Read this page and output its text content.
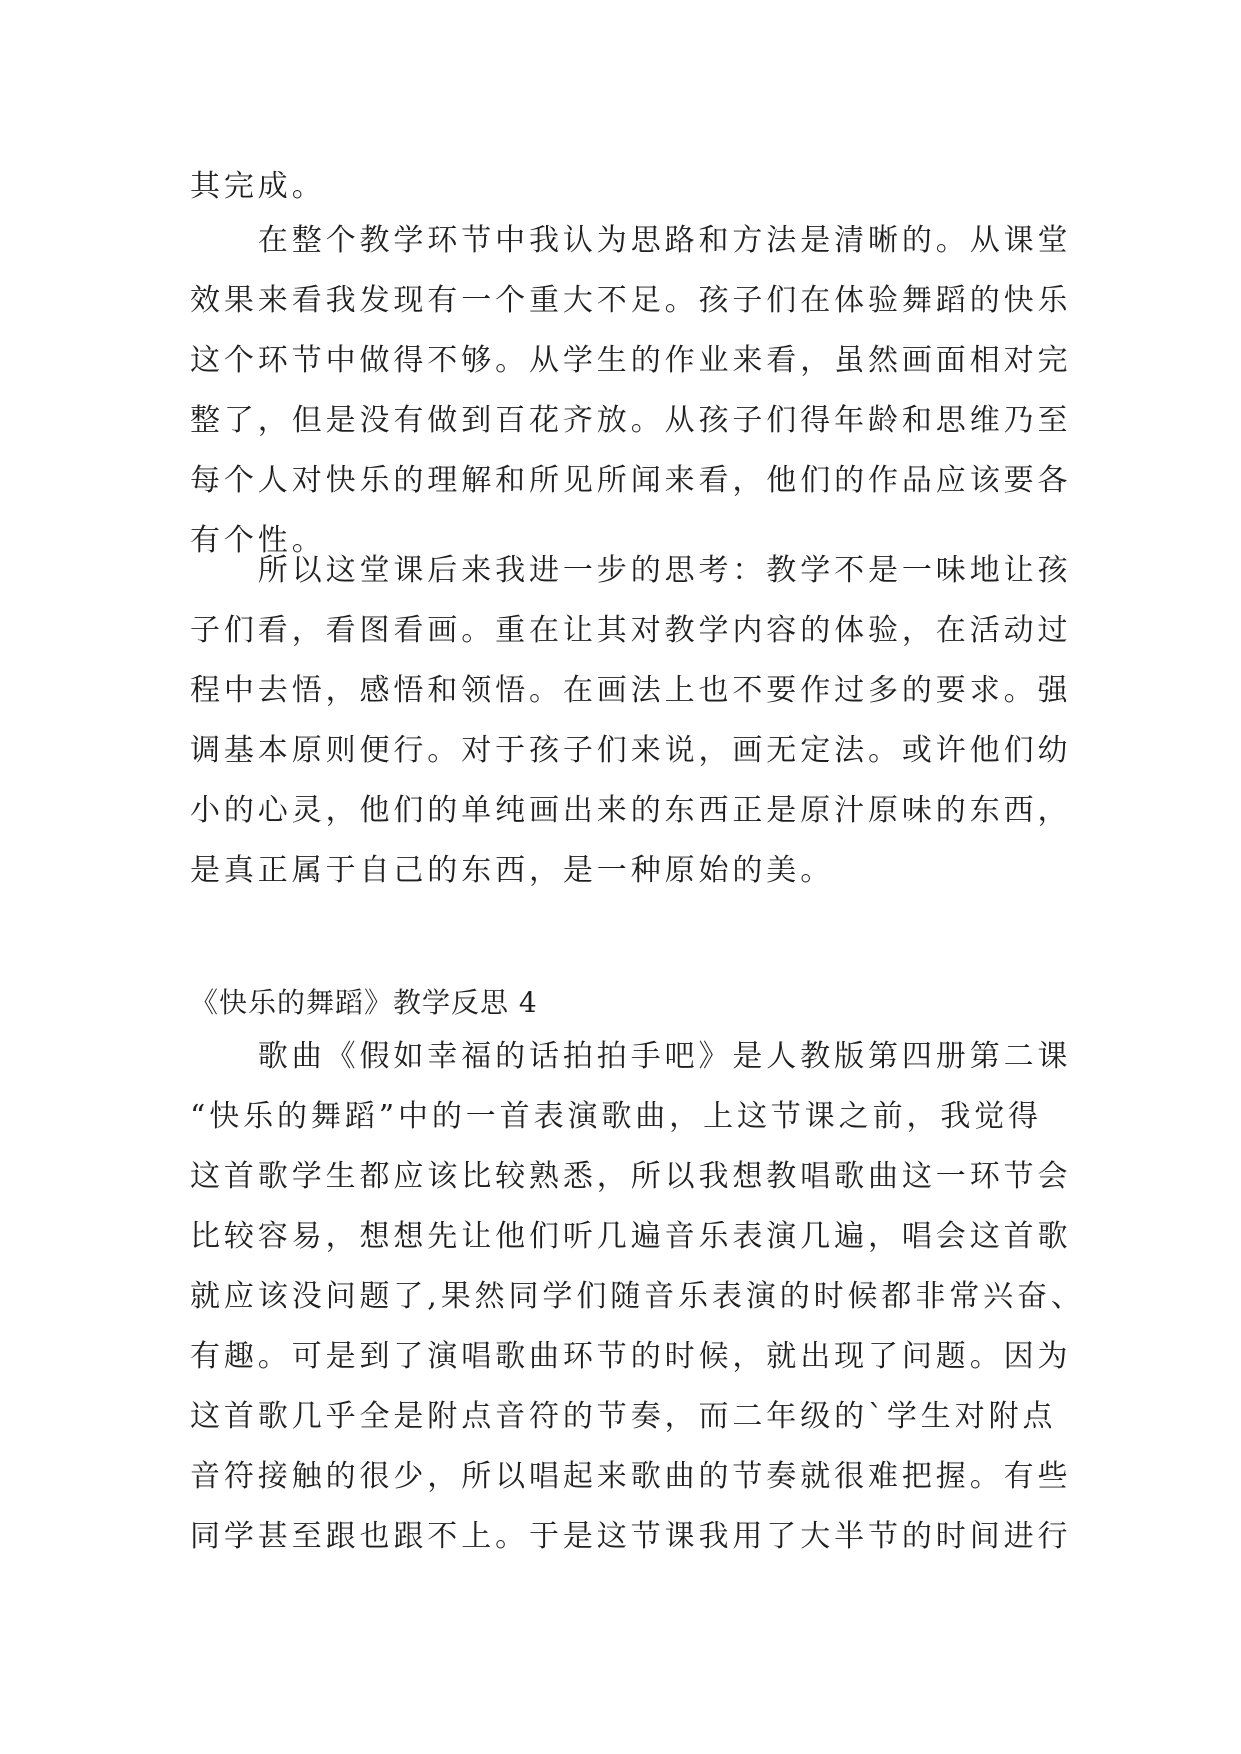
其完成。
　　在整个教学环节中我认为思路和方法是清晰的。从课堂
效果来看我发现有一个重大不足。孩子们在体验舞蹈的快乐
这个环节中做得不够。从学生的作业来看，虽然画面相对完
整了，但是没有做到百花齐放。从孩子们得年龄和思维乃至
每个人对快乐的理解和所见所闻来看，他们的作品应该要各
有个性。
　　所以这堂课后来我进一步的思考：教学不是一味地让孩
子们看，看图看画。重在让其对教学内容的体验，在活动过
程中去悟，感悟和领悟。在画法上也不要作过多的要求。强
调基本原则便行。对于孩子们来说，画无定法。或许他们幼
小的心灵，他们的单纯画出来的东西正是原汁原味的东西，
是真正属于自己的东西，是一种原始的美。
《快乐的舞蹈》教学反思 4
　　歌曲《假如幸福的话拍拍手吧》是人教版第四册第二课
“快乐的舞蹈”中的一首表演歌曲，上这节课之前，我觉得
这首歌学生都应该比较熟悉，所以我想教唱歌曲这一环节会
比较容易，想想先让他们听几遍音乐表演几遍，唱会这首歌
就应该没问题了,果然同学们随音乐表演的时候都非常兴奋、
有趣。可是到了演唱歌曲环节的时候，就出现了问题。因为
这首歌几乎全是附点音符的节奏，而二年级的`学生对附点
音符接触的很少，所以唱起来歌曲的节奏就很难把握。有些
同学甚至跟也跟不上。于是这节课我用了大半节的时间进行
